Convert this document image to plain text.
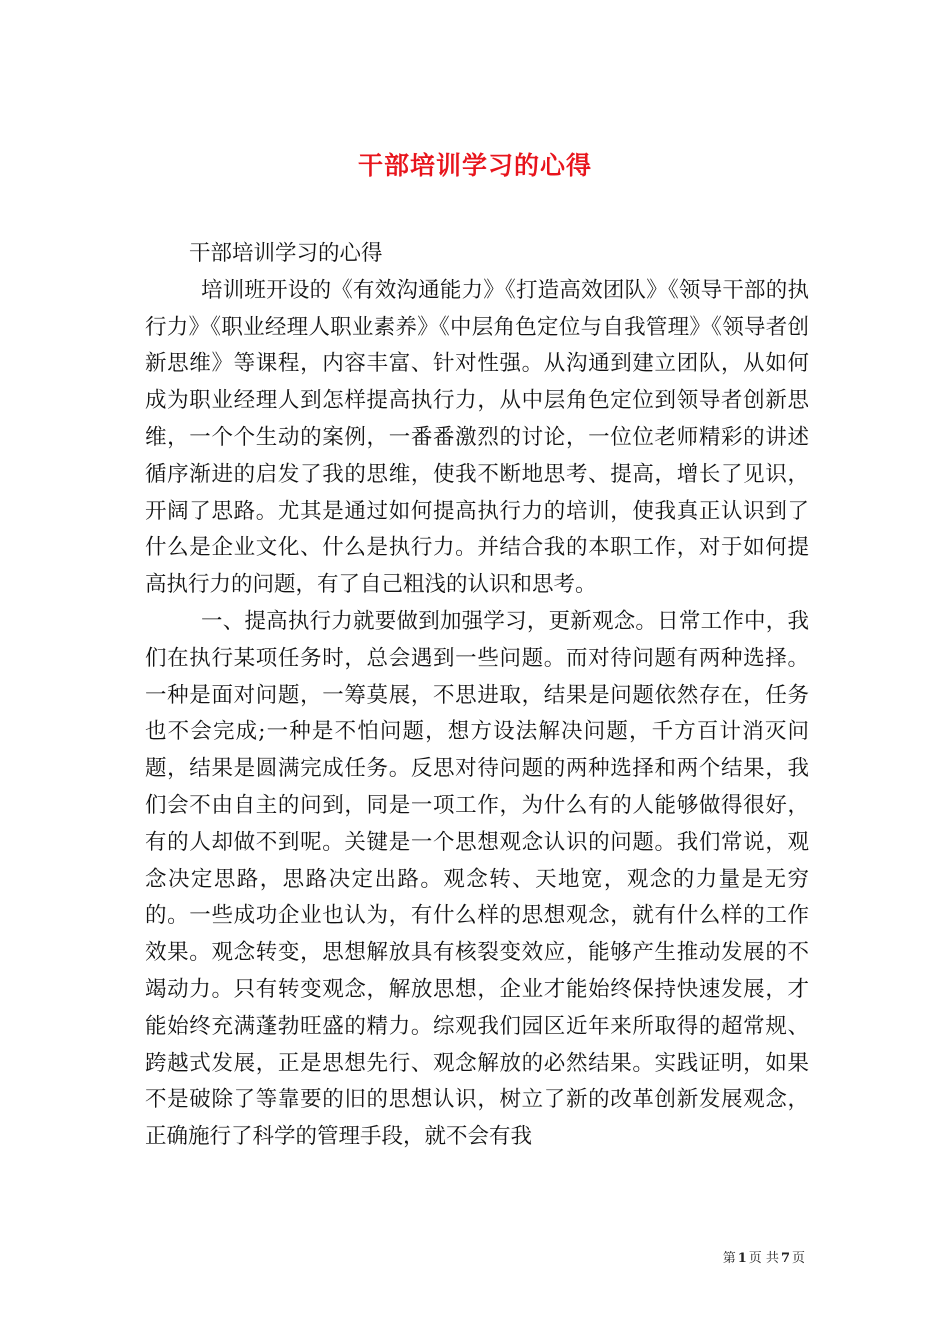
干部培训学习的心得

干部培训学习的心得

培训班开设的《有效沟通能力》《打造高效团队》《领导干部的执行力》《职业经理人职业素养》《中层角色定位与自我管理》《领导者创新思维》等课程，内容丰富、针对性强。从沟通到建立团队，从如何成为职业经理人到怎样提高执行力，从中层角色定位到领导者创新思维，一个个生动的案例，一番番激烈的讨论，一位位老师精彩的讲述循序渐进的启发了我的思维，使我不断地思考、提高，增长了见识，开阔了思路。尤其是通过如何提高执行力的培训，使我真正认识到了什么是企业文化、什么是执行力。并结合我的本职工作，对于如何提高执行力的问题，有了自己粗浅的认识和思考。

一、提高执行力就要做到加强学习，更新观念。日常工作中，我们在执行某项任务时，总会遇到一些问题。而对待问题有两种选择。一种是面对问题，一筹莫展，不思进取，结果是问题依然存在，任务也不会完成;一种是不怕问题，想方设法解决问题，千方百计消灭问题，结果是圆满完成任务。反思对待问题的两种选择和两个结果，我们会不由自主的问到，同是一项工作，为什么有的人能够做得很好，有的人却做不到呢。关键是一个思想观念认识的问题。我们常说，观念决定思路，思路决定出路。观念转、天地宽，观念的力量是无穷的。一些成功企业也认为，有什么样的思想观念，就有什么样的工作效果。观念转变，思想解放具有核裂变效应，能够产生推动发展的不竭动力。只有转变观念，解放思想，企业才能始终保持快速发展，才能始终充满蓬勃旺盛的精力。综观我们园区近年来所取得的超常规、跨越式发展，正是思想先行、观念解放的必然结果。实践证明，如果不是破除了等靠要的旧的思想认识，树立了新的改革创新发展观念，正确施行了科学的管理手段，就不会有我

第 1 页 共 7 页
